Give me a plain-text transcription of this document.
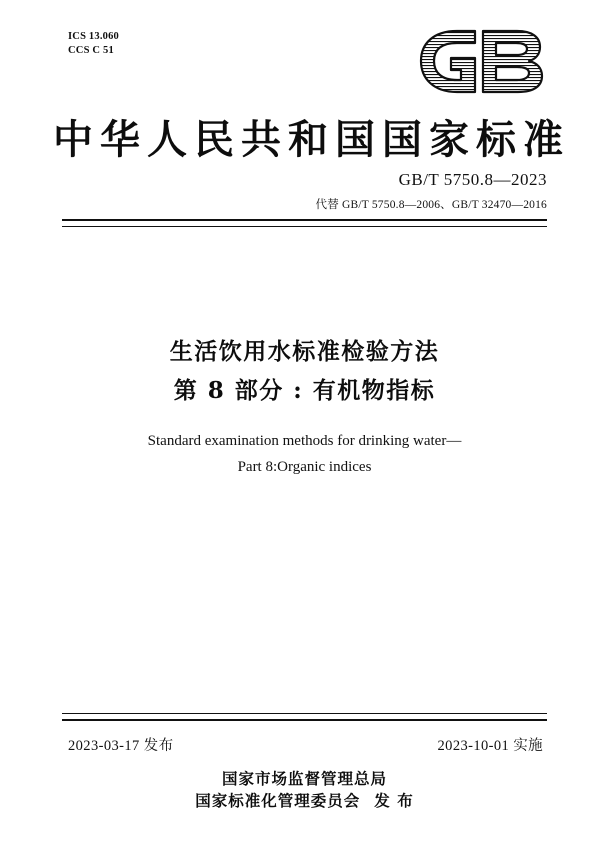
ICS 13.060
CCS C 51
中华人民共和国国家标准
GB/T 5750.8—2023
代替 GB/T 5750.8—2006、GB/T 32470—2016
生活饮用水标准检验方法
第 8 部分 : 有机物指标
Standard examination methods for drinking water—
Part 8:Organic indices
2023-03-17 发布	2023-10-01 实施
国家市场监督管理总局
国家标准化管理委员会 发 布
